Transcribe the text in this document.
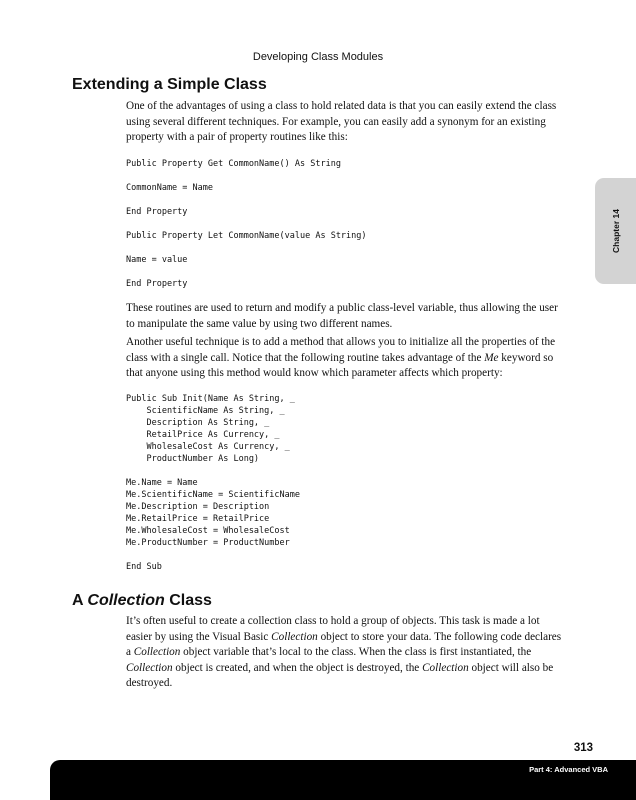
Developing Class Modules
Extending a Simple Class

One of the advantages of using a class to hold related data is that you can easily extend the class using several different techniques. For example, you can easily add a synonym for an existing property with a pair of property routines like this:

Public Property Get CommonName() As String
CommonName = Name
End Property
Public Property Let CommonName(value As String)
Name = value
End Property

These routines are used to return and modify a public class-level variable, thus allowing the user to manipulate the same value by using two different names.

Another useful technique is to add a method that allows you to initialize all the properties of the class with a single call. Notice that the following routine takes advantage of the Me keyword so that anyone using this method would know which parameter affects which property:

Public Sub Init(Name As String, _
ScientificName As String, _
Description As String, _
RetailPrice As Currency, _
WholesaleCost As Currency, _
ProductNumber As Long)

Me.Name = Name
Me.ScientificName = ScientificName
Me.Description = Description
Me.RetailPrice = RetailPrice
Me.WholesaleCost = WholesaleCost
Me.ProductNumber = ProductNumber

End Sub
A Collection Class

It’s often useful to create a collection class to hold a group of objects. This task is made a lot easier by using the Visual Basic Collection object to store your data. The following code declares a Collection object variable that’s local to the class. When the class is first instantiated, the Collection object is created, and when the object is destroyed, the Collection object will also be destroyed.

Chapter 14
313
Part 4: Advanced VBA
